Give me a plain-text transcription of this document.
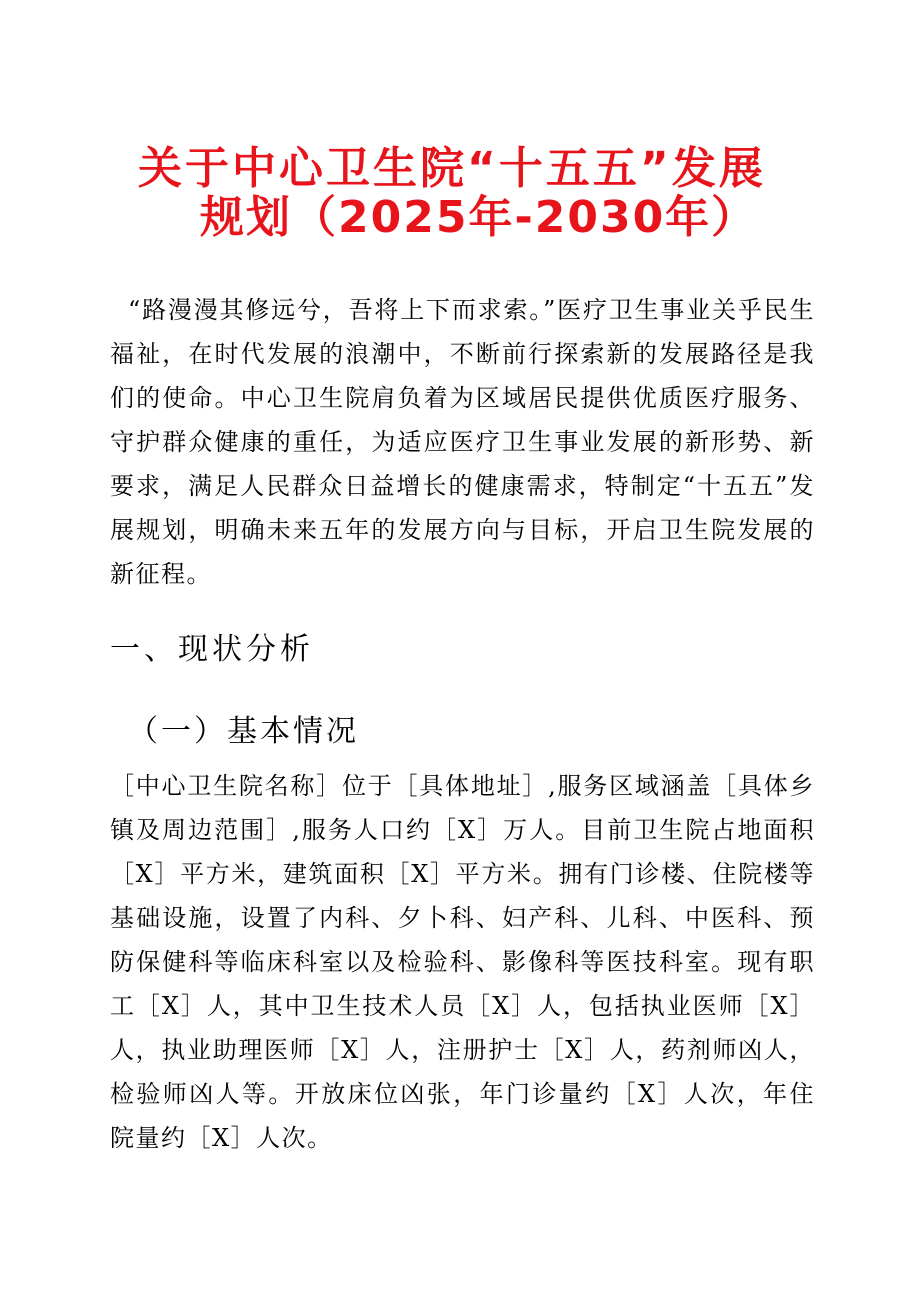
关于中心卫生院“十五五”发展
规划（2025年-2030年）

“路漫漫其修远兮，吾将上下而求索。”医疗卫生事业关乎民生福祉，在时代发展的浪潮中，不断前行探索新的发展路径是我们的使命。中心卫生院肩负着为区域居民提供优质医疗服务、守护群众健康的重任，为适应医疗卫生事业发展的新形势、新要求，满足人民群众日益增长的健康需求，特制定“十五五”发展规划，明确未来五年的发展方向与目标，开启卫生院发展的新征程。

一、现状分析
（一）基本情况

［中心卫生院名称］位于［具体地址］,服务区域涵盖［具体乡镇及周边范围］,服务人口约［X］万人。目前卫生院占地面积［X］平方米，建筑面积［X］平方米。拥有门诊楼、住院楼等基础设施，设置了内科、夕卜科、妇产科、儿科、中医科、预防保健科等临床科室以及检验科、影像科等医技科室。现有职工［X］人，其中卫生技术人员［X］人，包括执业医师［X］人，执业助理医师［X］人，注册护士［X］人，药剂师凶人，检验师凶人等。开放床位凶张，年门诊量约［X］人次，年住院量约［X］人次。
